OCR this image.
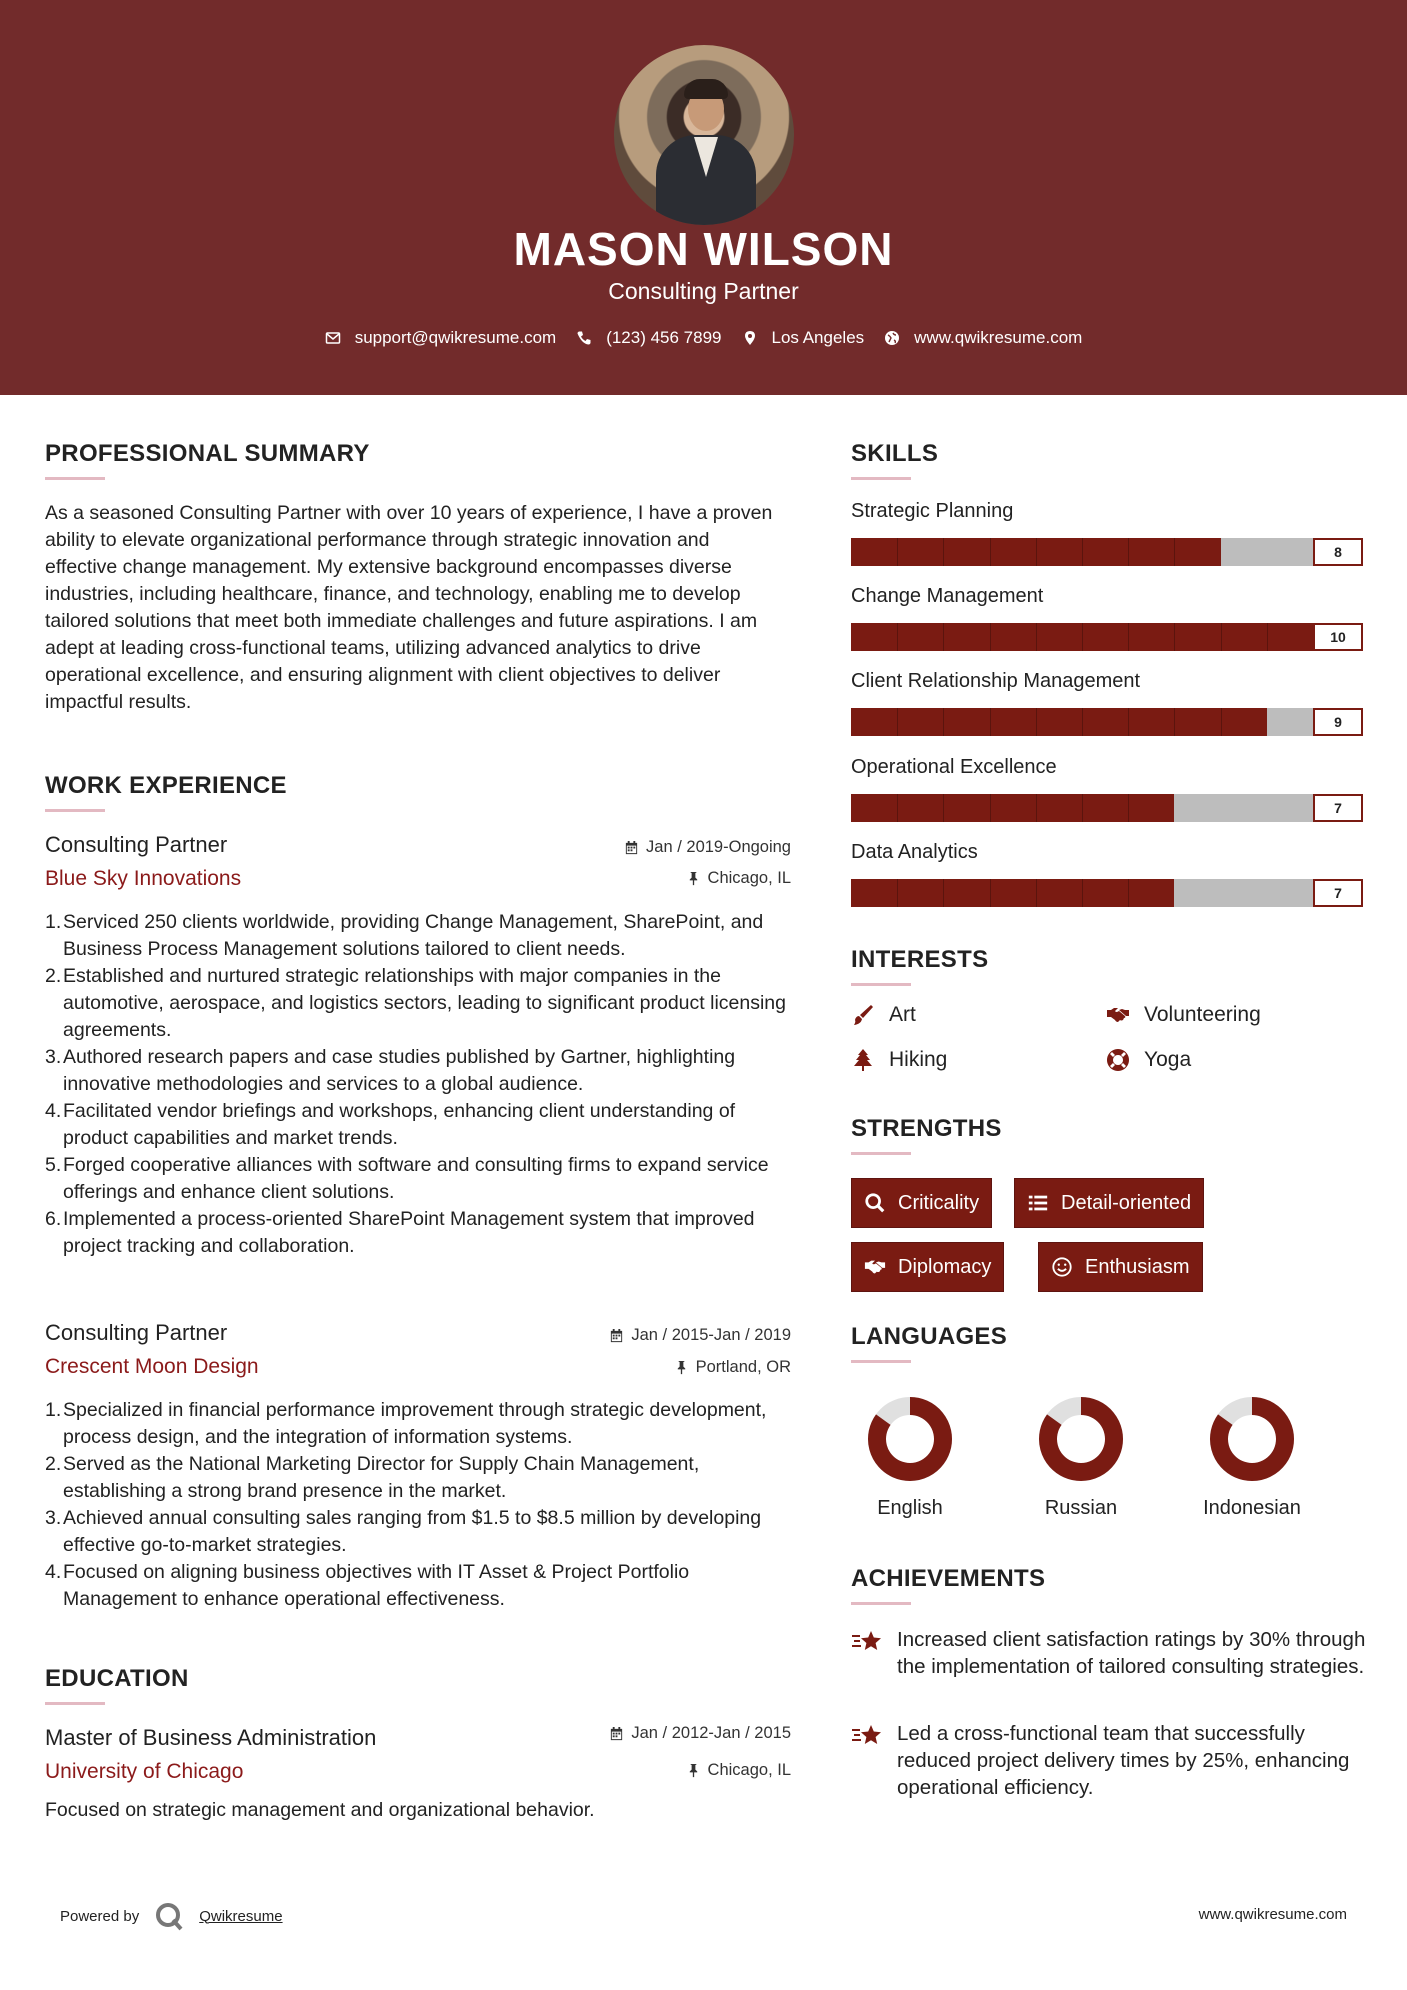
MASON WILSON
Consulting Partner
support@qwikresume.com	(123) 456 7899	Los Angeles	www.qwikresume.com
PROFESSIONAL SUMMARY
As a seasoned Consulting Partner with over 10 years of experience, I have a proven ability to elevate organizational performance through strategic innovation and effective change management. My extensive background encompasses diverse industries, including healthcare, finance, and technology, enabling me to develop tailored solutions that meet both immediate challenges and future aspirations. I am adept at leading cross-functional teams, utilizing advanced analytics to drive operational excellence, and ensuring alignment with client objectives to deliver impactful results.
WORK EXPERIENCE
Consulting Partner
Blue Sky Innovations
Jan / 2019-Ongoing
Chicago, IL
Serviced 250 clients worldwide, providing Change Management, SharePoint, and Business Process Management solutions tailored to client needs.
Established and nurtured strategic relationships with major companies in the automotive, aerospace, and logistics sectors, leading to significant product licensing agreements.
Authored research papers and case studies published by Gartner, highlighting innovative methodologies and services to a global audience.
Facilitated vendor briefings and workshops, enhancing client understanding of product capabilities and market trends.
Forged cooperative alliances with software and consulting firms to expand service offerings and enhance client solutions.
Implemented a process-oriented SharePoint Management system that improved project tracking and collaboration.
Consulting Partner
Crescent Moon Design
Jan / 2015-Jan / 2019
Portland, OR
Specialized in financial performance improvement through strategic development, process design, and the integration of information systems.
Served as the National Marketing Director for Supply Chain Management, establishing a strong brand presence in the market.
Achieved annual consulting sales ranging from $1.5 to $8.5 million by developing effective go-to-market strategies.
Focused on aligning business objectives with IT Asset & Project Portfolio Management to enhance operational effectiveness.
EDUCATION
Master of Business Administration
University of Chicago
Jan / 2012-Jan / 2015
Chicago, IL
Focused on strategic management and organizational behavior.
SKILLS
Strategic Planning
8
Change Management
10
Client Relationship Management
9
Operational Excellence
7
Data Analytics
7
INTERESTS
Art	Volunteering
Hiking	Yoga
STRENGTHS
Criticality	Detail-oriented
Diplomacy	Enthusiasm
LANGUAGES
English	Russian	Indonesian
ACHIEVEMENTS
Increased client satisfaction ratings by 30% through the implementation of tailored consulting strategies.
Led a cross-functional team that successfully reduced project delivery times by 25%, enhancing operational efficiency.
Powered by	Qwikresume	www.qwikresume.com
